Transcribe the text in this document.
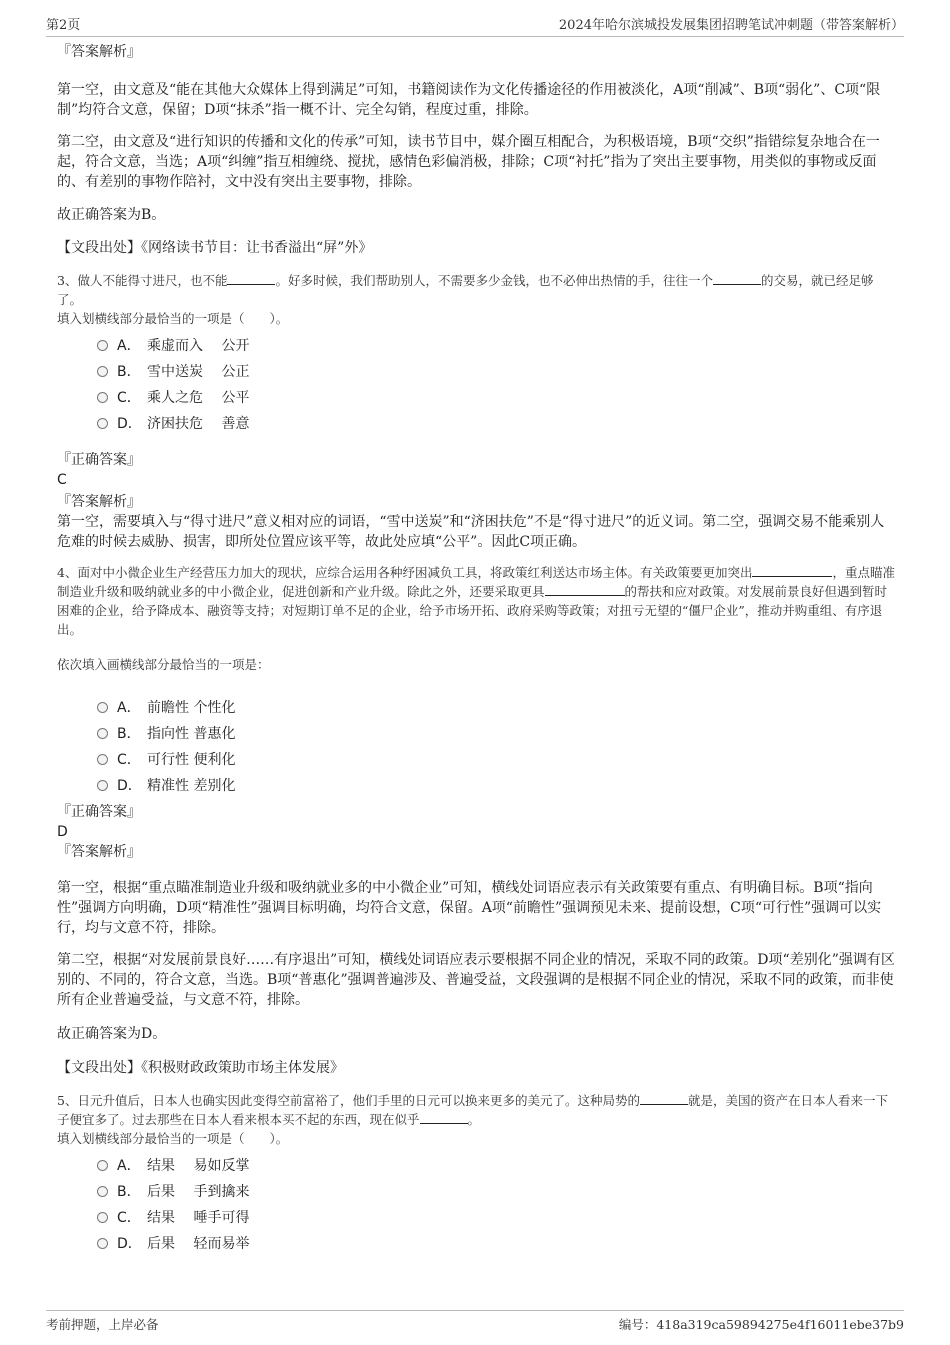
第2页	2024年哈尔滨城投发展集团招聘笔试冲刺题（带答案解析）

『答案解析』

第一空，由文意及“能在其他大众媒体上得到满足”可知，书籍阅读作为文化传播途径的作用被淡化，A项“削减”、B项“弱化”、C项“限制”均符合文意，保留；D项“抹杀”指一概不计、完全勾销，程度过重，排除。

第二空，由文意及“进行知识的传播和文化的传承”可知，读书节目中，媒介圈互相配合，为积极语境，B项“交织”指错综复杂地合在一起，符合文意，当选；A项“纠缠”指互相缠绕、搅扰，感情色彩偏消极，排除；C项“衬托”指为了突出主要事物，用类似的事物或反面的、有差别的事物作陪衬，文中没有突出主要事物，排除。

故正确答案为B。

【文段出处】《网络读书节目：让书香溢出“屏”外》

3、做人不能得寸进尺，也不能	。好多时候，我们帮助别人，不需要多少金钱，也不必伸出热情的手，往往一个	的交易，就已经足够了。

填入划横线部分最恰当的一项是（　　）。

A． 乘虚而入　 公开
B． 雪中送炭　 公正
C． 乘人之危　 公平
D． 济困扶危　 善意

『正确答案』

C

『答案解析』

第一空，需要填入与“得寸进尺”意义相对应的词语，“雪中送炭”和“济困扶危”不是“得寸进尺”的近义词。第二空，强调交易不能乘别人危难的时候去威胁、损害，即所处位置应该平等，故此处应填“公平”。因此C项正确。

4、面对中小微企业生产经营压力加大的现状，应综合运用各种纾困减负工具，将政策红利送达市场主体。有关政策要更加突出	，重点瞄准制造业升级和吸纳就业多的中小微企业，促进创新和产业升级。除此之外，还要采取更具	的帮扶和应对政策。对发展前景良好但遇到暂时困难的企业，给予降成本、融资等支持；对短期订单不足的企业，给予市场开拓、政府采购等政策；对扭亏无望的“僵尸企业”，推动并购重组、有序退出。

依次填入画横线部分最恰当的一项是：

A． 前瞻性 个性化
B． 指向性 普惠化
C． 可行性 便利化
D． 精准性 差别化

『正确答案』

D

『答案解析』

第一空，根据“重点瞄准制造业升级和吸纳就业多的中小微企业”可知，横线处词语应表示有关政策要有重点、有明确目标。B项“指向性”强调方向明确，D项“精准性”强调目标明确，均符合文意，保留。A项“前瞻性”强调预见未来、提前设想，C项“可行性”强调可以实行，均与文意不符，排除。

第二空，根据“对发展前景良好……有序退出”可知，横线处词语应表示要根据不同企业的情况，采取不同的政策。D项“差别化”强调有区别的、不同的，符合文意，当选。B项“普惠化”强调普遍涉及、普遍受益，文段强调的是根据不同企业的情况，采取不同的政策，而非使所有企业普遍受益，与文意不符，排除。

故正确答案为D。

【文段出处】《积极财政政策助市场主体发展》

5、日元升值后，日本人也确实因此变得空前富裕了，他们手里的日元可以换来更多的美元了。这种局势的	就是，美国的资产在日本人看来一下子便宜多了。过去那些在日本人看来根本买不起的东西，现在似乎	。

填入划横线部分最恰当的一项是（　　）。

A． 结果　 易如反掌
B． 后果　 手到擒来
C． 结果　 唾手可得
D． 后果　 轻而易举
考前押题，上岸必备	编号：418a319ca59894275e4f16011ebe37b9
